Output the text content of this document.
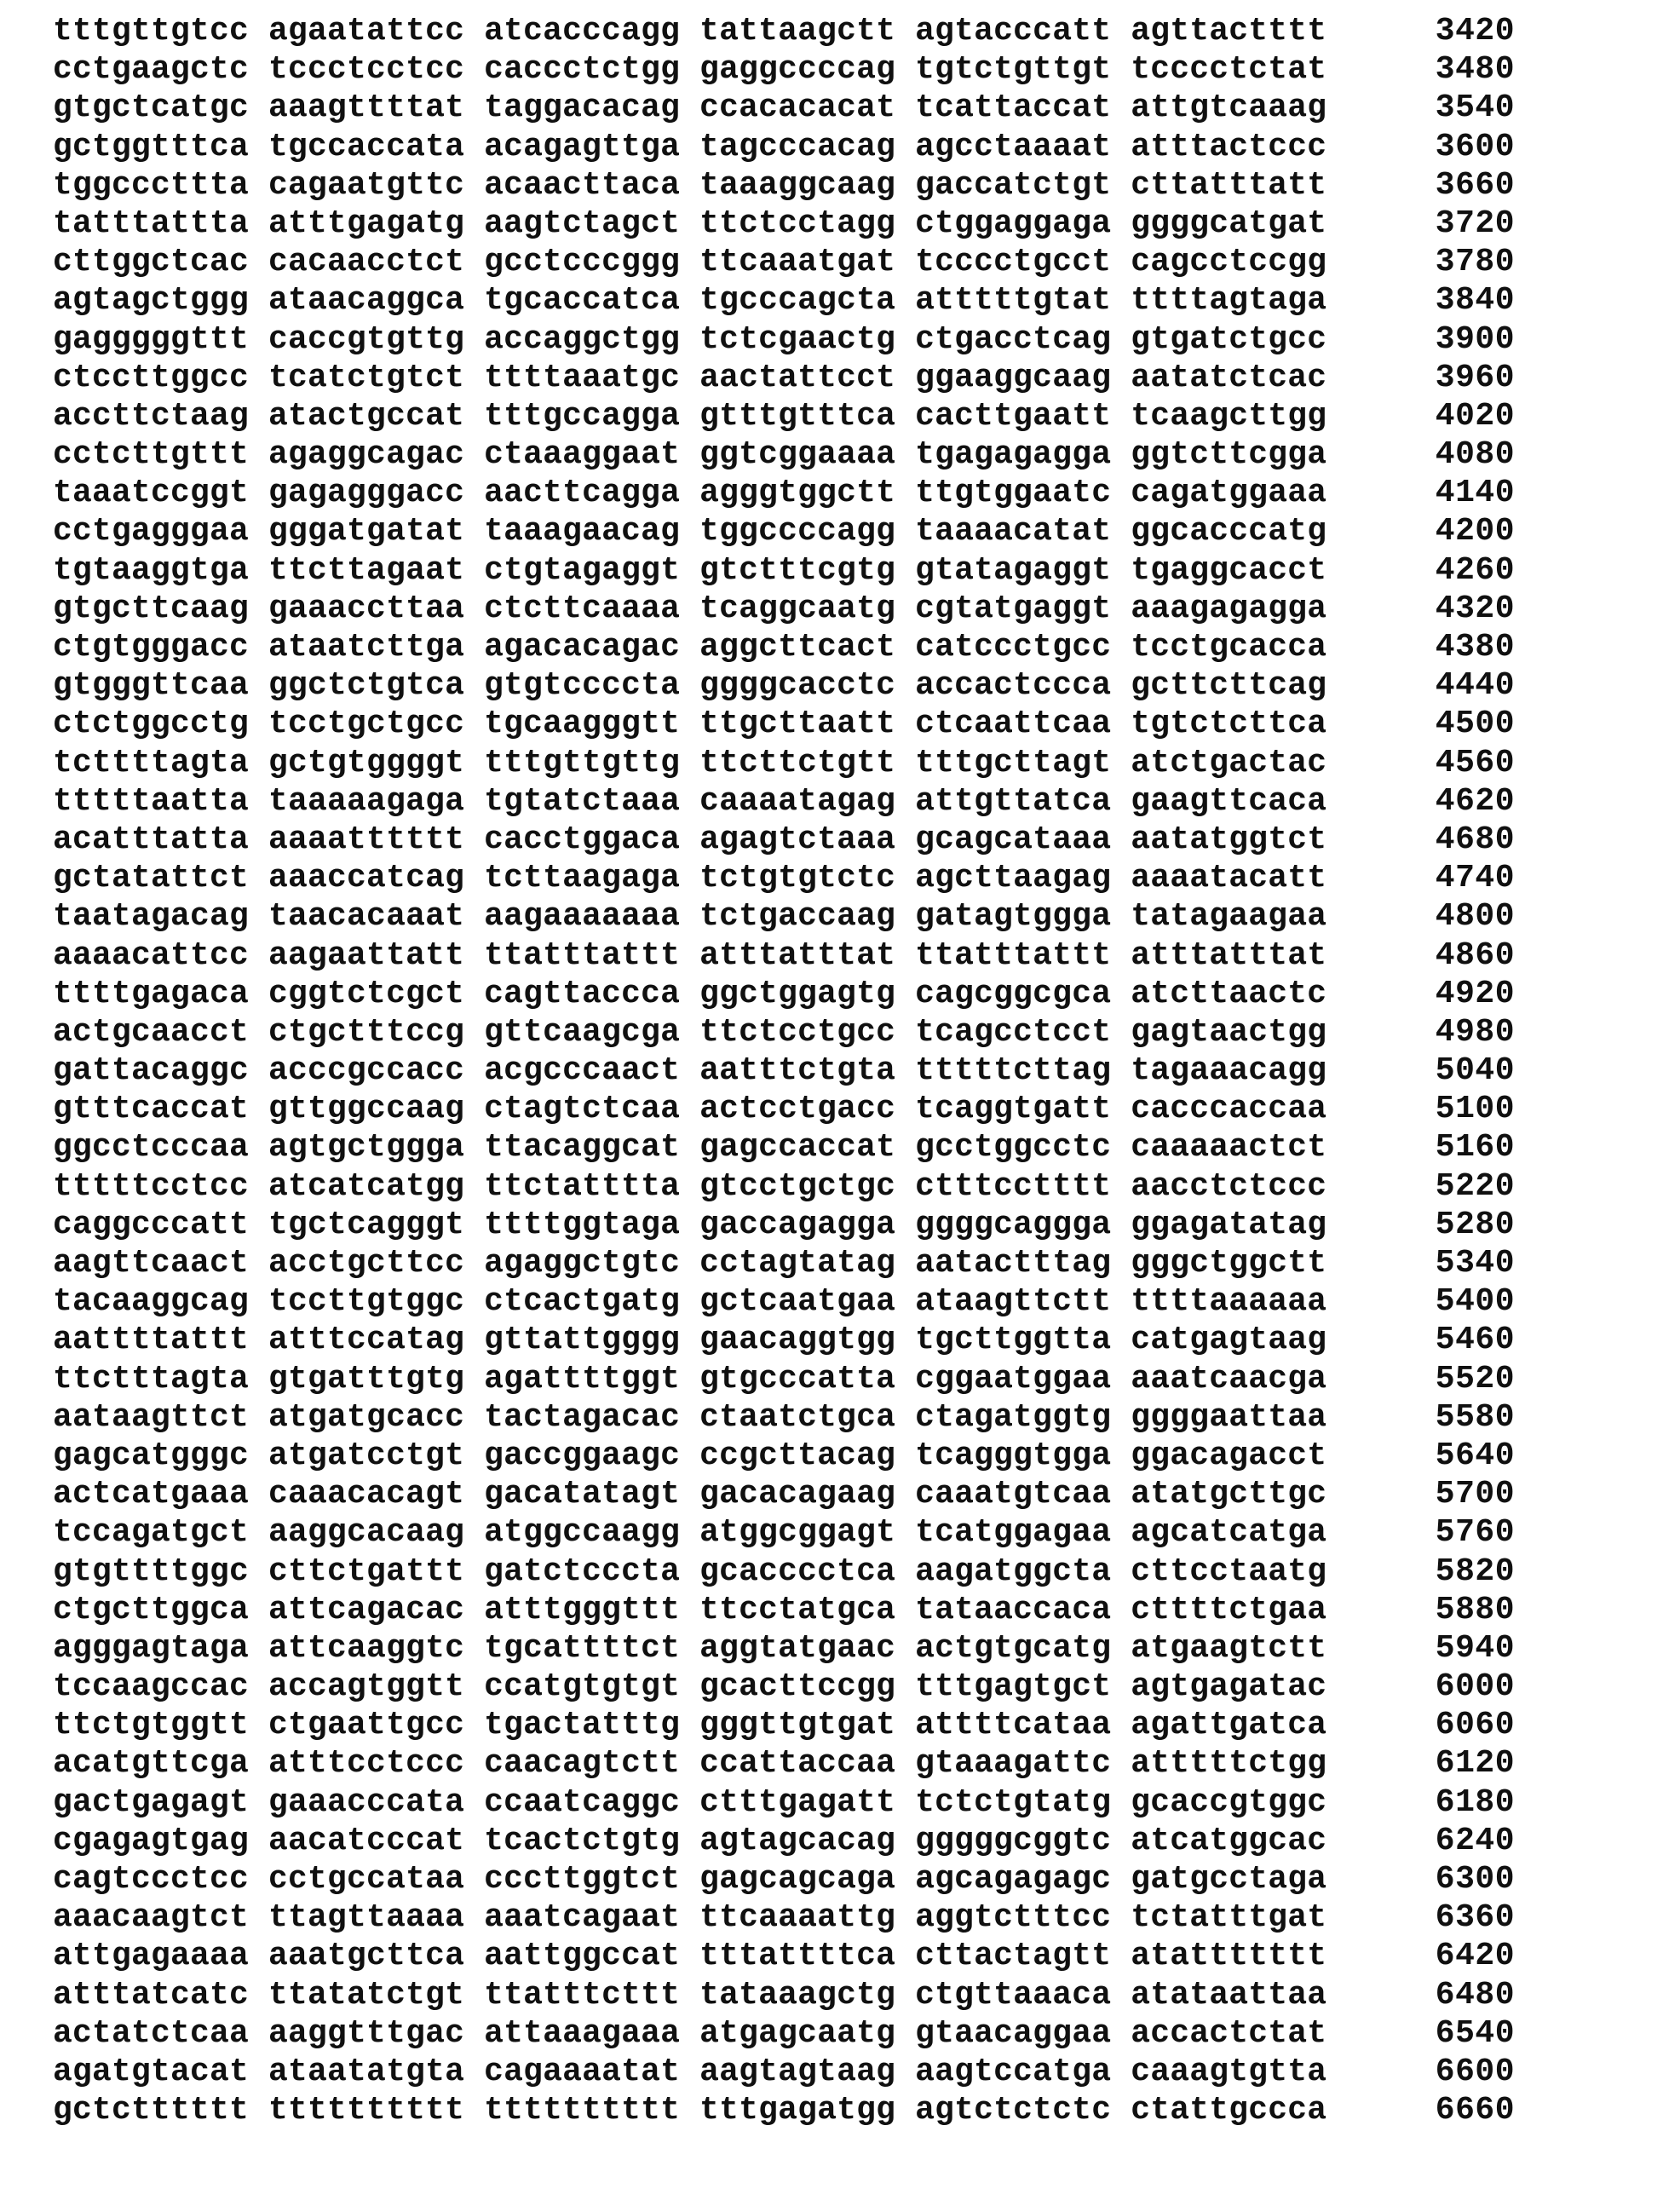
tttgttgtcc agaatattcc atcacccagg tattaagctt agtacccatt agttactttt	3420
cctgaagctc tccctcctcc caccctctgg gaggccccag tgtctgttgt tcccctctat	3480
gtgctcatgc aaagttttat taggacacag ccacacacat tcattaccat attgtcaaag	3540
gctggtttca tgccaccata acagagttga tagcccacag agcctaaaat atttactccc	3600
tggcccttta cagaatgttc acaacttaca taaaggcaag gaccatctgt cttatttatt	3660
tatttattta atttgagatg aagtctagct ttctcctagg ctggaggaga ggggcatgat	3720
cttggctcac cacaacctct gcctcccggg ttcaaatgat tcccctgcct cagcctccgg	3780
agtagctggg ataacaggca tgcaccatca tgcccagcta atttttgtat ttttagtaga	3840
gagggggttt caccgtgttg accaggctgg tctcgaactg ctgacctcag gtgatctgcc	3900
ctccttggcc tcatctgtct ttttaaatgc aactattcct ggaaggcaag aatatctcac	3960
accttctaag atactgccat tttgccagga gtttgtttca cacttgaatt tcaagcttgg	4020
cctcttgttt agaggcagac ctaaaggaat ggtcggaaaa tgagagagga ggtcttcgga	4080
taaatccggt gagagggacc aacttcagga agggtggctt ttgtggaatc cagatggaaa	4140
cctgagggaa gggatgatat taaagaacag tggccccagg taaaacatat ggcacccatg	4200
tgtaaggtga ttcttagaat ctgtagaggt gtctttcgtg gtatagaggt tgaggcacct	4260
gtgcttcaag gaaaccttaa ctcttcaaaa tcaggcaatg cgtatgaggt aaagagagga	4320
ctgtgggacc ataatcttga agacacagac aggcttcact catccctgcc tcctgcacca	4380
gtgggttcaa ggctctgtca gtgtccccta ggggcacctc accactccca gcttcttcag	4440
ctctggcctg tcctgctgcc tgcaagggtt ttgcttaatt ctcaattcaa tgtctcttca	4500
tcttttagta gctgtggggt tttgttgttg ttcttctgtt tttgcttagt atctgactac	4560
tttttaatta taaaaagaga tgtatctaaa caaaatagag attgttatca gaagttcaca	4620
acatttatta aaaatttttt cacctggaca agagtctaaa gcagcataaa aatatggtct	4680
gctatattct aaaccatcag tcttaagaga tctgtgtctc agcttaagag aaaatacatt	4740
taatagacag taacacaaat aagaaaaaaa tctgaccaag gatagtggga tatagaagaa	4800
aaaacattcc aagaattatt ttatttattt atttatttat ttatttattt atttatttat	4860
ttttgagaca cggtctcgct cagttaccca ggctggagtg cagcggcgca atcttaactc	4920
actgcaacct ctgctttccg gttcaagcga ttctcctgcc tcagcctcct gagtaactgg	4980
gattacaggc acccgccacc acgcccaact aatttctgta tttttcttag tagaaacagg	5040
gtttcaccat gttggccaag ctagtctcaa actcctgacc tcaggtgatt cacccaccaa	5100
ggcctcccaa agtgctggga ttacaggcat gagccaccat gcctggcctc caaaaactct	5160
tttttcctcc atcatcatgg ttctatttta gtcctgctgc ctttcctttt aacctctccc	5220
caggcccatt tgctcagggt ttttggtaga gaccagagga ggggcaggga ggagatatag	5280
aagttcaact acctgcttcc agaggctgtc cctagtatag aatactttag gggctggctt	5340
tacaaggcag tccttgtggc ctcactgatg gctcaatgaa ataagttctt ttttaaaaaa	5400
aattttattt atttccatag gttattgggg gaacaggtgg tgcttggtta catgagtaag	5460
ttctttagta gtgatttgtg agattttggt gtgcccatta cggaatggaa aaatcaacga	5520
aataagttct atgatgcacc tactagacac ctaatctgca ctagatggtg ggggaattaa	5580
gagcatgggc atgatcctgt gaccggaagc ccgcttacag tcagggtgga ggacagacct	5640
actcatgaaa caaacacagt gacatatagt gacacagaag caaatgtcaa atatgcttgc	5700
tccagatgct aaggcacaag atggccaagg atggcggagt tcatggagaa agcatcatga	5760
gtgttttggc cttctgattt gatctcccta gcacccctca aagatggcta cttcctaatg	5820
ctgcttggca attcagacac atttgggttt ttcctatgca tataaccaca cttttctgaa	5880
agggagtaga attcaaggtc tgcattttct aggtatgaac actgtgcatg atgaagtctt	5940
tccaagccac accagtggtt ccatgtgtgt gcacttccgg tttgagtgct agtgagatac	6000
ttctgtggtt ctgaattgcc tgactatttg gggttgtgat attttcataa agattgatca	6060
acatgttcga atttcctccc caacagtctt ccattaccaa gtaaagattc atttttctgg	6120
gactgagagt gaaacccata ccaatcaggc ctttgagatt tctctgtatg gcaccgtggc	6180
cgagagtgag aacatcccat tcactctgtg agtagcacag gggggcggtc atcatggcac	6240
cagtccctcc cctgccataa cccttggtct gagcagcaga agcagagagc gatgcctaga	6300
aaacaagtct ttagttaaaa aaatcagaat ttcaaaattg aggtctttcc tctatttgat	6360
attgagaaaa aaatgcttca aattggccat tttattttca cttactagtt atattttttt	6420
atttatcatc ttatatctgt ttatttcttt tataaagctg ctgttaaaca atataattaa	6480
actatctcaa aaggtttgac attaaagaaa atgagcaatg gtaacaggaa accactctat	6540
agatgtacat ataatatgta cagaaaatat aagtagtaag aagtccatga caaagtgtta	6600
gctctttttt tttttttttt tttttttttt tttgagatgg agtctctctc ctattgccca	6660
